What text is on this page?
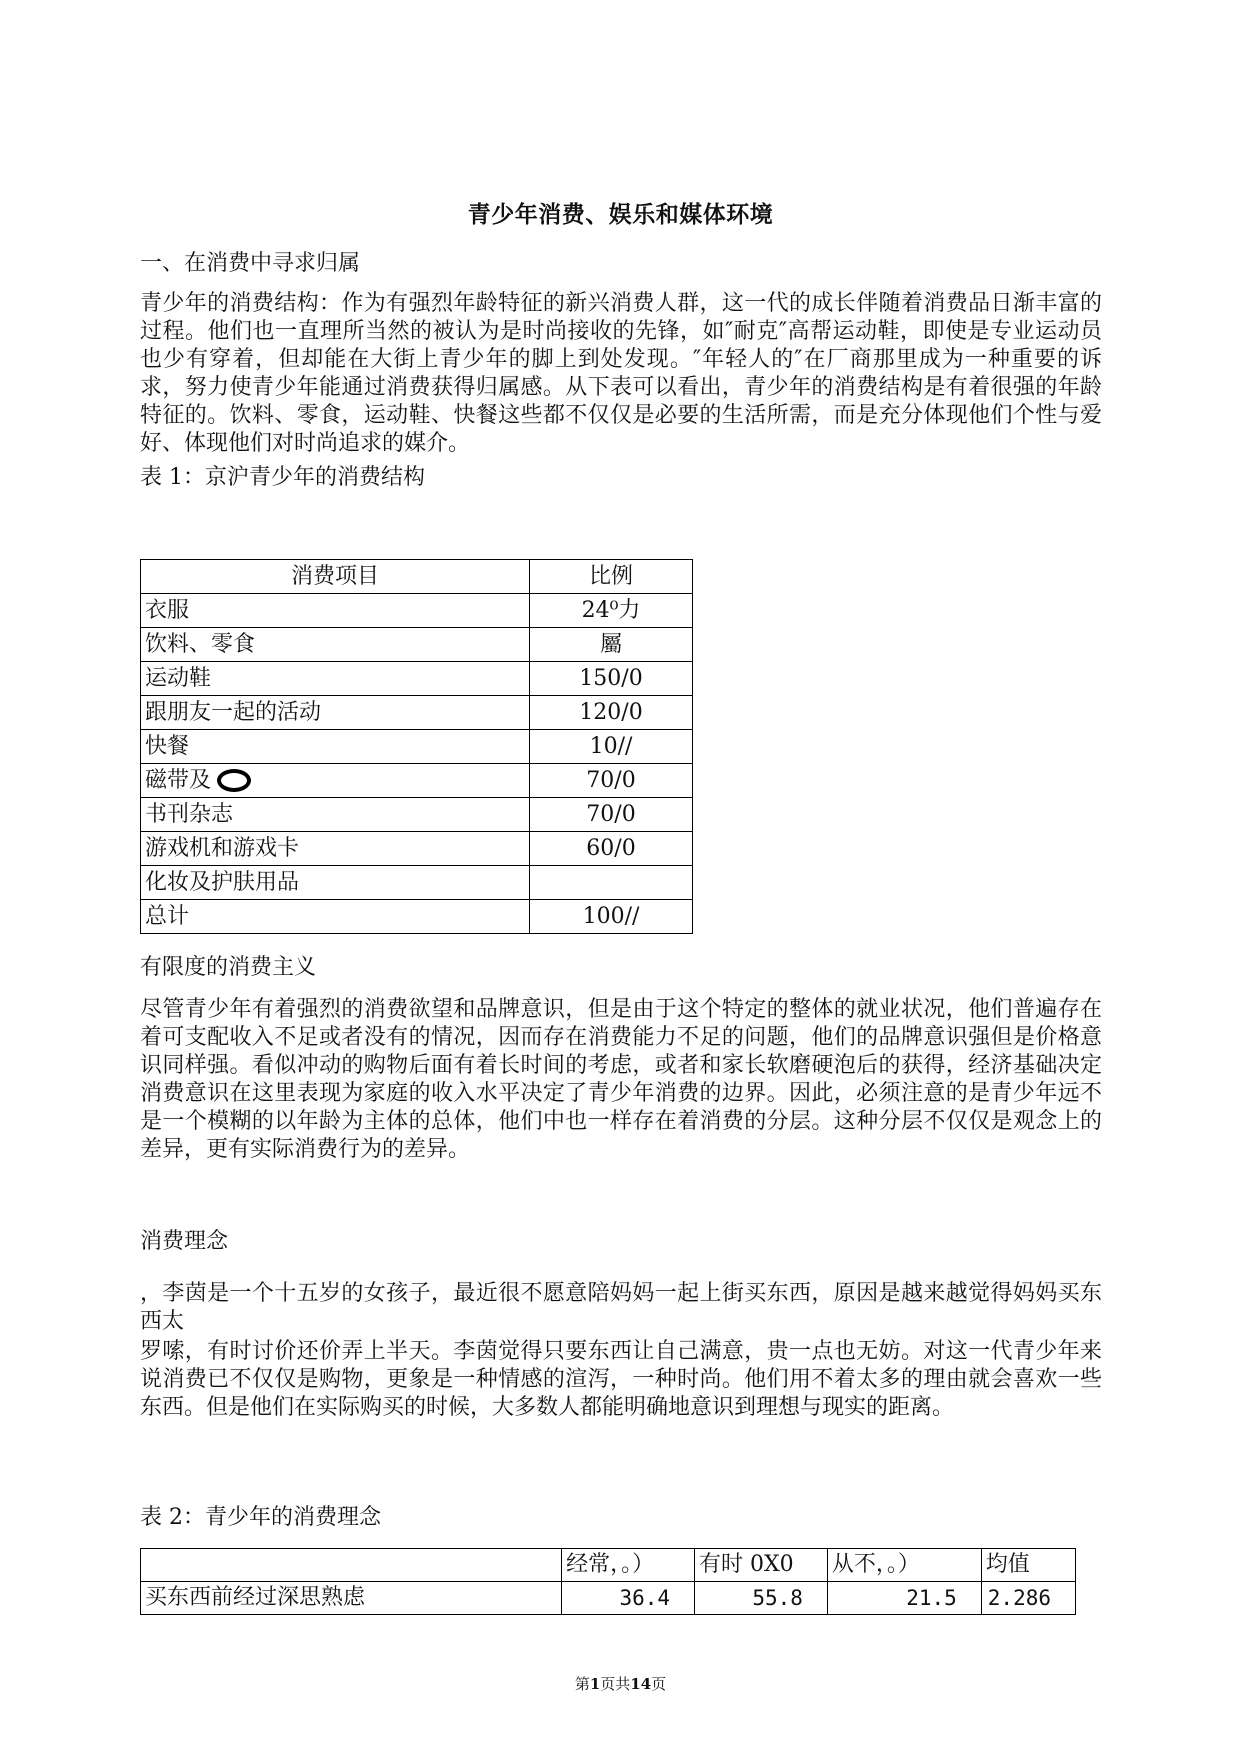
青少年消费、娱乐和媒体环境
一、在消费中寻求归属
青少年的消费结构：作为有强烈年龄特征的新兴消费人群，这一代的成长伴随着消费品日渐丰富的过程。他们也一直理所当然的被认为是时尚接收的先锋，如″耐克″高帮运动鞋，即使是专业运动员也少有穿着，但却能在大街上青少年的脚上到处发现。″年轻人的″在厂商那里成为一种重要的诉求，努力使青少年能通过消费获得归属感。从下表可以看出，青少年的消费结构是有着很强的年龄特征的。饮料、零食，运动鞋、快餐这些都不仅仅是必要的生活所需，而是充分体现他们个性与爱好、体现他们对时尚追求的媒介。
表 1：京沪青少年的消费结构
消费项目	比例
衣服	24⁰力
饮料、零食	屬
运动鞋	150/0
跟朋友一起的活动	120/0
快餐	10//
磁带及	70/0
书刊杂志	70/0
游戏机和游戏卡	60/0
化妆及护肤用品	
总计	100//
有限度的消费主义
尽管青少年有着强烈的消费欲望和品牌意识，但是由于这个特定的整体的就业状况，他们普遍存在着可支配收入不足或者没有的情况，因而存在消费能力不足的问题，他们的品牌意识强但是价格意识同样强。看似冲动的购物后面有着长时间的考虑，或者和家长软磨硬泡后的获得，经济基础决定消费意识在这里表现为家庭的收入水平决定了青少年消费的边界。因此，必须注意的是青少年远不是一个模糊的以年龄为主体的总体，他们中也一样存在着消费的分层。这种分层不仅仅是观念上的差异，更有实际消费行为的差异。
消费理念
，李茵是一个十五岁的女孩子，最近很不愿意陪妈妈一起上街买东西，原因是越来越觉得妈妈买东西太
罗嗦，有时讨价还价弄上半天。李茵觉得只要东西让自己满意，贵一点也无妨。对这一代青少年来说消费已不仅仅是购物，更象是一种情感的渲泻，一种时尚。他们用不着太多的理由就会喜欢一些东西。但是他们在实际购买的时候，大多数人都能明确地意识到理想与现实的距离。
表 2：青少年的消费理念
	经常，。）	有时 0X0	从不，。）	均值
买东西前经过深思熟虑	36.4	55.8	21.5	2.286
第1页共14页
